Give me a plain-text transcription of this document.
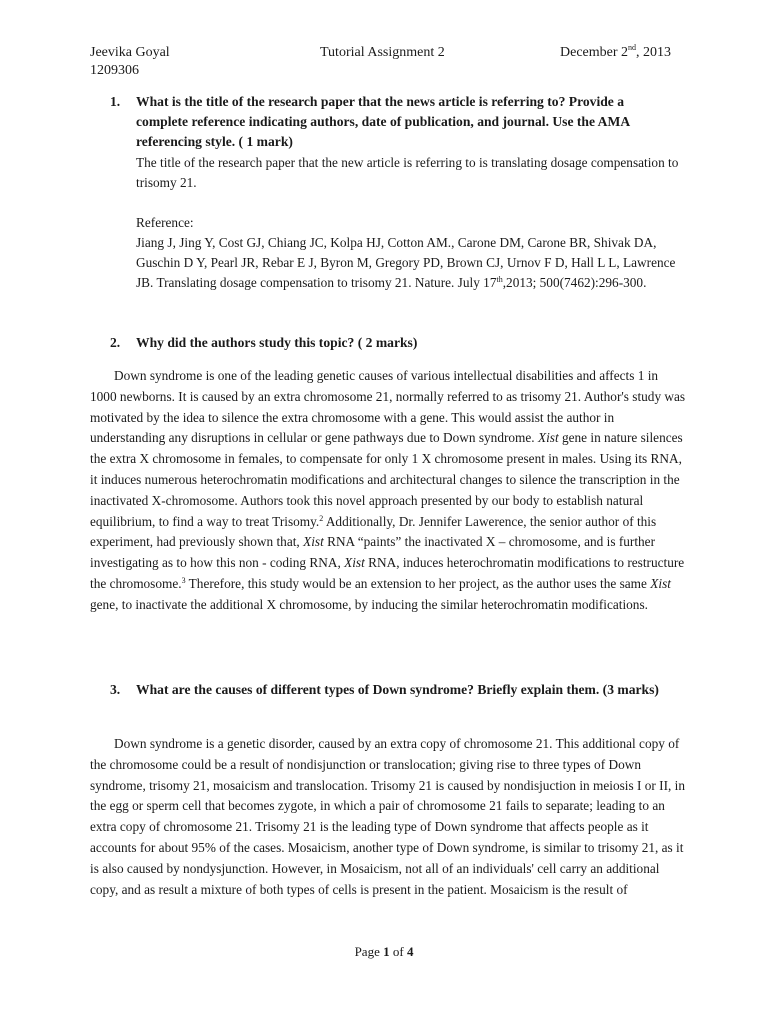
Jeevika Goyal
1209306
Tutorial Assignment 2	December 2nd, 2013
1.	What is the title of the research paper that the news article is referring to? Provide a complete reference indicating authors, date of publication, and journal. Use the AMA referencing style. ( 1 mark)
The title of the research paper that the new article is referring to is translating dosage compensation to trisomy 21.
Reference:
Jiang J, Jing Y, Cost GJ, Chiang JC, Kolpa HJ, Cotton AM., Carone DM, Carone BR, Shivak DA, Guschin D Y, Pearl JR, Rebar E J, Byron M, Gregory PD, Brown CJ, Urnov F D, Hall L L, Lawrence JB. Translating dosage compensation to trisomy 21. Nature. July 17th,2013; 500(7462):296-300.
2.	Why did the authors study this topic? ( 2 marks)
Down syndrome is one of the leading genetic causes of various intellectual disabilities and affects 1 in 1000 newborns. It is caused by an extra chromosome 21, normally referred to as trisomy 21. Author's study was motivated by the idea to silence the extra chromosome with a gene. This would assist the author in understanding any disruptions in cellular or gene pathways due to Down syndrome. Xist gene in nature silences the extra X chromosome in females, to compensate for only 1 X chromosome present in males. Using its RNA, it induces numerous heterochromatin modifications and architectural changes to silence the transcription in the inactivated X-chromosome. Authors took this novel approach presented by our body to establish natural equilibrium, to find a way to treat Trisomy.$^2$ Additionally, Dr. Jennifer Lawerence, the senior author of this experiment, had previously shown that, Xist RNA “paints” the inactivated X – chromosome, and is further investigating as to how this non - coding RNA, Xist RNA, induces heterochromatin modifications to restructure the chromosome.$^3$ Therefore, this study would be an extension to her project, as the author uses the same Xist gene, to inactivate the additional X chromosome, by inducing the similar heterochromatin modifications.
3.	What are the causes of different types of Down syndrome? Briefly explain them. (3 marks)
Down syndrome is a genetic disorder, caused by an extra copy of chromosome 21. This additional copy of the chromosome could be a result of nondisjunction or translocation; giving rise to three types of Down syndrome, trisomy 21, mosaicism and translocation. Trisomy 21 is caused by nondisjuction in meiosis I or II, in the egg or sperm cell that becomes zygote, in which a pair of chromosome 21 fails to separate; leading to an extra copy of chromosome 21. Trisomy 21 is the leading type of Down syndrome that affects people as it accounts for about 95% of the cases. Mosaicism, another type of Down syndrome, is similar to trisomy 21, as it is also caused by nondysjunction. However, in Mosaicism, not all of an individuals' cell carry an additional copy, and as result a mixture of both types of cells is present in the patient. Mosaicism is the result of
Page 1 of 4
